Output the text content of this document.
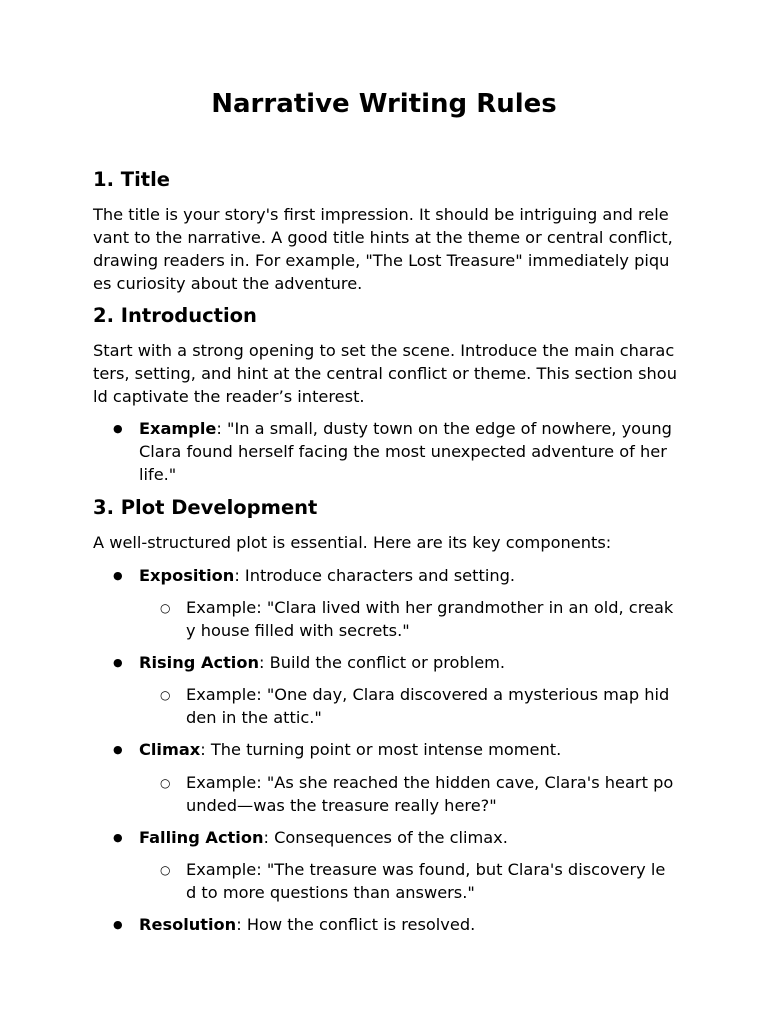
Narrative Writing Rules
1. Title

The title is your story's first impression. It should be intriguing and relevant to the narrative. A good title hints at the theme or central conflict, drawing readers in. For example, "The Lost Treasure" immediately piques curiosity about the adventure.

2. Introduction

Start with a strong opening to set the scene. Introduce the main characters, setting, and hint at the central conflict or theme. This section should captivate the reader’s interest.

● Example: "In a small, dusty town on the edge of nowhere, young Clara found herself facing the most unexpected adventure of her life."
3. Plot Development

A well-structured plot is essential. Here are its key components:

● Exposition: Introduce characters and setting.
○ Example: "Clara lived with her grandmother in an old, creaky house filled with secrets."
● Rising Action: Build the conflict or problem.
○ Example: "One day, Clara discovered a mysterious map hidden in the attic."
● Climax: The turning point or most intense moment.
○ Example: "As she reached the hidden cave, Clara's heart pounded—was the treasure really here?"
● Falling Action: Consequences of the climax.
○ Example: "The treasure was found, but Clara's discovery led to more questions than answers."
● Resolution: How the conflict is resolved.
